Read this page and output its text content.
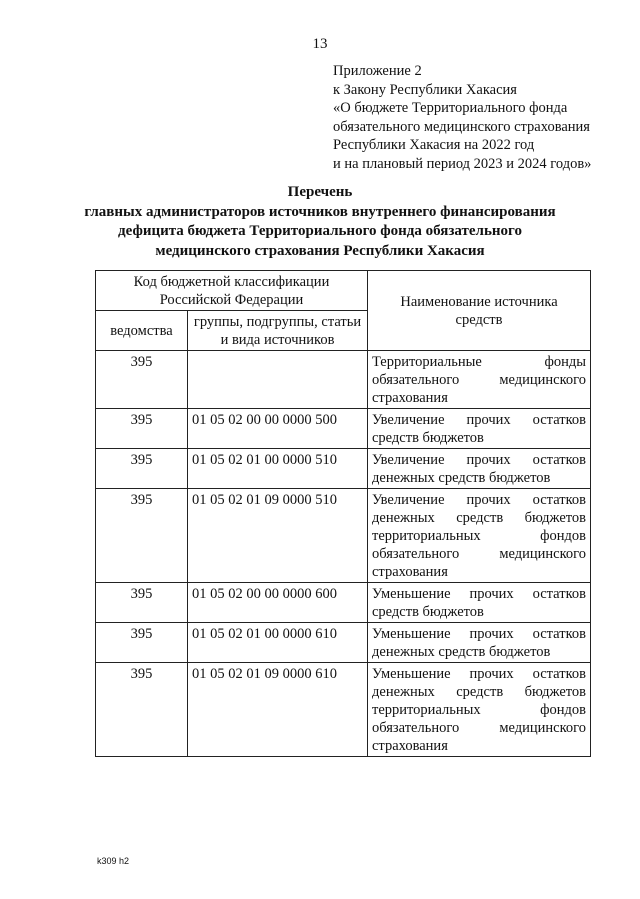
13
Приложение 2
к Закону Республики Хакасия
«О бюджете Территориального фонда
обязательного медицинского страхования
Республики Хакасия на 2022 год
и на плановый период 2023 и 2024 годов»
Перечень
главных администраторов источников внутреннего финансирования
дефицита бюджета Территориального фонда обязательного
медицинского страхования Республики Хакасия
Код бюджетной классификации Российской Федерации		Наименование источника средств
ведомства	группы, подгруппы, статьи и вида источников	
395		Территориальные фонды обязательного медицинского страхования
395	01 05 02 00 00 0000 500	Увеличение прочих остатков средств бюджетов
395	01 05 02 01 00 0000 510	Увеличение прочих остатков денежных средств бюджетов
395	01 05 02 01 09 0000 510	Увеличение прочих остатков денежных средств бюджетов территориальных фондов обязательного медицинского страхования
395	01 05 02 00 00 0000 600	Уменьшение прочих остатков средств бюджетов
395	01 05 02 01 00 0000 610	Уменьшение прочих остатков денежных средств бюджетов
395	01 05 02 01 09 0000 610	Уменьшение прочих остатков денежных средств бюджетов территориальных фондов обязательного медицинского страхования
k309 h2
